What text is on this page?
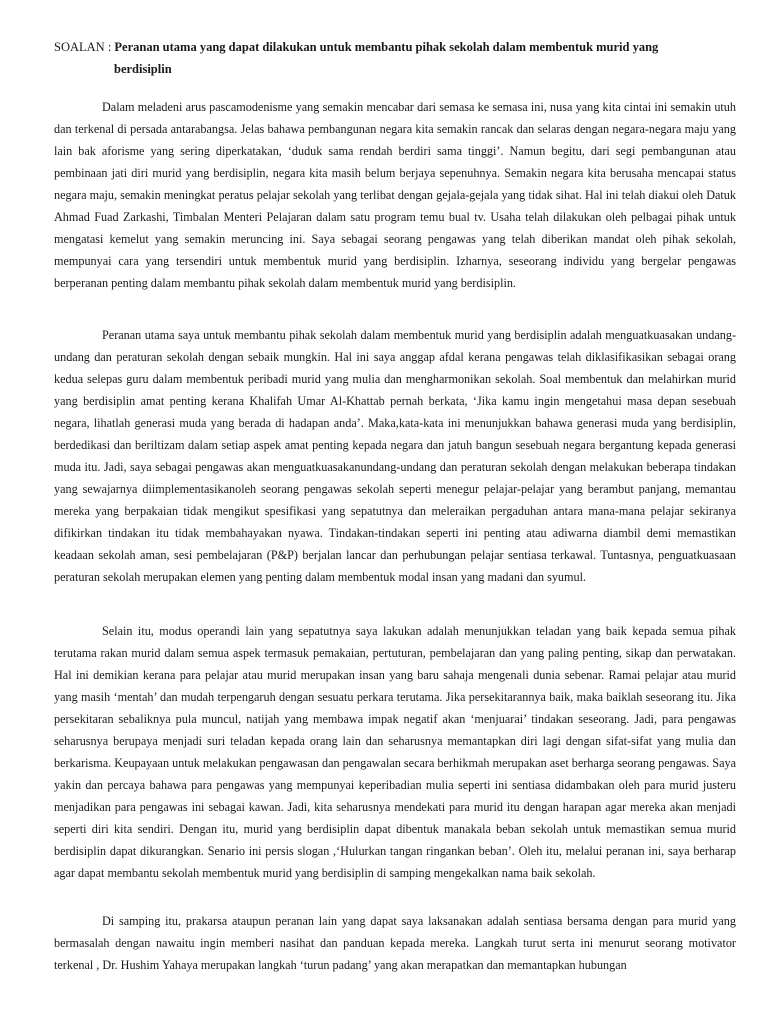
SOALAN : Peranan utama yang dapat dilakukan untuk membantu pihak sekolah dalam membentuk murid yang
berdisiplin

Dalam meladeni arus pascamodenisme yang semakin mencabar dari semasa ke semasa ini, nusa yang kita cintai ini semakin utuh dan terkenal di persada antarabangsa. Jelas bahawa pembangunan negara kita semakin rancak dan selaras dengan negara-negara maju yang lain bak aforisme yang sering diperkatakan, ‘duduk sama rendah berdiri sama tinggi’. Namun begitu, dari segi pembangunan atau pembinaan jati diri murid yang berdisiplin, negara kita masih belum berjaya sepenuhnya. Semakin negara kita berusaha mencapai status negara maju, semakin meningkat peratus pelajar sekolah yang terlibat dengan gejala-gejala yang tidak sihat. Hal ini telah diakui oleh Datuk Ahmad Fuad Zarkashi, Timbalan Menteri Pelajaran dalam satu program temu bual tv. Usaha telah dilakukan oleh pelbagai pihak untuk mengatasi kemelut yang semakin meruncing ini. Saya sebagai seorang pengawas yang telah diberikan mandat oleh pihak sekolah, mempunyai cara yang tersendiri untuk membentuk murid yang berdisiplin. Izharnya, seseorang individu yang bergelar pengawas berperanan penting dalam membantu pihak sekolah dalam membentuk murid yang berdisiplin.

Peranan utama saya untuk membantu pihak sekolah dalam membentuk murid yang berdisiplin adalah menguatkuasakan undang-undang dan peraturan sekolah dengan sebaik mungkin. Hal ini saya anggap afdal kerana pengawas telah diklasifikasikan sebagai orang kedua selepas guru dalam membentuk peribadi murid yang mulia dan mengharmonikan sekolah. Soal membentuk dan melahirkan murid yang berdisiplin amat penting kerana Khalifah Umar Al-Khattab pernah berkata, ‘Jika kamu ingin mengetahui masa depan sesebuah negara, lihatlah generasi muda yang berada di hadapan anda’. Maka,kata-kata ini menunjukkan bahawa generasi muda yang berdisiplin, berdedikasi dan beriltizam dalam setiap aspek amat penting kepada negara dan jatuh bangun sesebuah negara bergantung kepada generasi muda itu. Jadi, saya sebagai pengawas akan menguatkuasakanundang-undang dan peraturan sekolah dengan melakukan beberapa tindakan yang sewajarnya diimplementasikanoleh seorang pengawas sekolah seperti menegur pelajar-pelajar yang berambut panjang, memantau mereka yang berpakaian tidak mengikut spesifikasi yang sepatutnya dan meleraikan pergaduhan antara mana-mana pelajar sekiranya difikirkan tindakan itu tidak membahayakan nyawa. Tindakan-tindakan seperti ini penting atau adiwarna diambil demi memastikan keadaan sekolah aman, sesi pembelajaran (P&P) berjalan lancar dan perhubungan pelajar sentiasa terkawal. Tuntasnya, penguatkuasaan peraturan sekolah merupakan elemen yang penting dalam membentuk modal insan yang madani dan syumul.

Selain itu, modus operandi lain yang sepatutnya saya lakukan adalah menunjukkan teladan yang baik kepada semua pihak terutama rakan murid dalam semua aspek termasuk pemakaian, pertuturan, pembelajaran dan yang paling penting, sikap dan perwatakan. Hal ini demikian kerana para pelajar atau murid merupakan insan yang baru sahaja mengenali dunia sebenar. Ramai pelajar atau murid yang masih ‘mentah’ dan mudah terpengaruh dengan sesuatu perkara terutama. Jika persekitarannya baik, maka baiklah seseorang itu. Jika persekitaran sebaliknya pula muncul, natijah yang membawa impak negatif akan ‘menjuarai’ tindakan seseorang. Jadi, para pengawas seharusnya berupaya menjadi suri teladan kepada orang lain dan seharusnya memantapkan diri lagi dengan sifat-sifat yang mulia dan berkarisma. Keupayaan untuk melakukan pengawasan dan pengawalan secara berhikmah merupakan aset berharga seorang pengawas. Saya yakin dan percaya bahawa para pengawas yang mempunyai keperibadian mulia seperti ini sentiasa didambakan oleh para murid justeru menjadikan para pengawas ini sebagai kawan. Jadi, kita seharusnya mendekati para murid itu dengan harapan agar mereka akan menjadi seperti diri kita sendiri. Dengan itu, murid yang berdisiplin dapat dibentuk manakala beban sekolah untuk memastikan semua murid berdisiplin dapat dikurangkan. Senario ini persis slogan ,‘Hulurkan tangan ringankan beban’. Oleh itu, melalui peranan ini, saya berharap agar dapat membantu sekolah membentuk murid yang berdisiplin di samping mengekalkan nama baik sekolah.

Di samping itu, prakarsa ataupun peranan lain yang dapat saya laksanakan adalah sentiasa bersama dengan para murid yang bermasalah dengan nawaitu ingin memberi nasihat dan panduan kepada mereka. Langkah turut serta ini menurut seorang motivator terkenal , Dr. Hushim Yahaya merupakan langkah ‘turun padang’ yang akan merapatkan dan memantapkan hubungan
